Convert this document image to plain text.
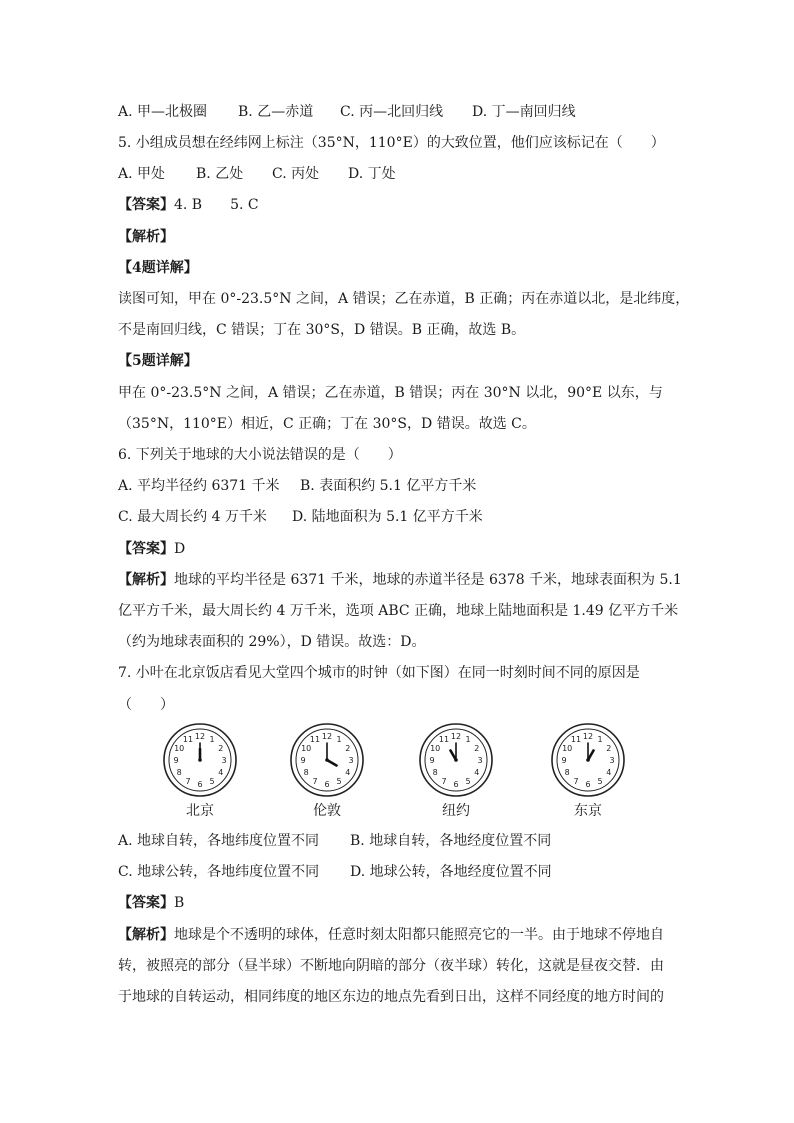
A. 甲—北极圈 B. 乙—赤道 C. 丙—北回归线 D. 丁—南回归线
5. 小组成员想在经纬网上标注（35°N，110°E）的大致位置，他们应该标记在（　　）
A. 甲处 B. 乙处 C. 丙处 D. 丁处
【答案】4. B　　5. C
【解析】
【4题详解】
读图可知，甲在 0°-23.5°N 之间，A 错误；乙在赤道，B 正确；丙在赤道以北，是北纬度，
不是南回归线，C 错误；丁在 30°S，D 错误。B 正确，故选 B。
【5题详解】
甲在 0°-23.5°N 之间，A 错误；乙在赤道，B 错误；丙在 30°N 以北，90°E 以东，与
（35°N，110°E）相近，C 正确；丁在 30°S，D 错误。故选 C。
6. 下列关于地球的大小说法错误的是（　　）
A. 平均半径约 6371 千米 B. 表面积约 5.1 亿平方千米
C. 最大周长约 4 万千米 D. 陆地面积为 5.1 亿平方千米
【答案】D
【解析】地球的平均半径是 6371 千米，地球的赤道半径是 6378 千米，地球表面积为 5.1
亿平方千米，最大周长约 4 万千米，选项 ABC 正确，地球上陆地面积是 1.49 亿平方千米
（约为地球表面积的 29%），D 错误。故选：D。
7. 小叶在北京饭店看见大堂四个城市的时钟（如下图）在同一时刻时间不同的原因是
（　　）
1
2
3
4
5
6
7
8
9
10
11 12
北京
1
2
3
4
5
6
7
8
9
10
11 12
伦敦
1
2
3
4
5
6
7
8
9
10
11 12
纽约
1
2
3
4
5
6
7
8
9
10
11 12
东京
A. 地球自转，各地纬度位置不同 B. 地球自转，各地经度位置不同
C. 地球公转，各地纬度位置不同 D. 地球公转，各地经度位置不同
【答案】B
【解析】地球是个不透明的球体，任意时刻太阳都只能照亮它的一半。由于地球不停地自
转，被照亮的部分（昼半球）不断地向阴暗的部分（夜半球）转化，这就是昼夜交替．由
于地球的自转运动，相同纬度的地区东边的地点先看到日出，这样不同经度的地方时间的
